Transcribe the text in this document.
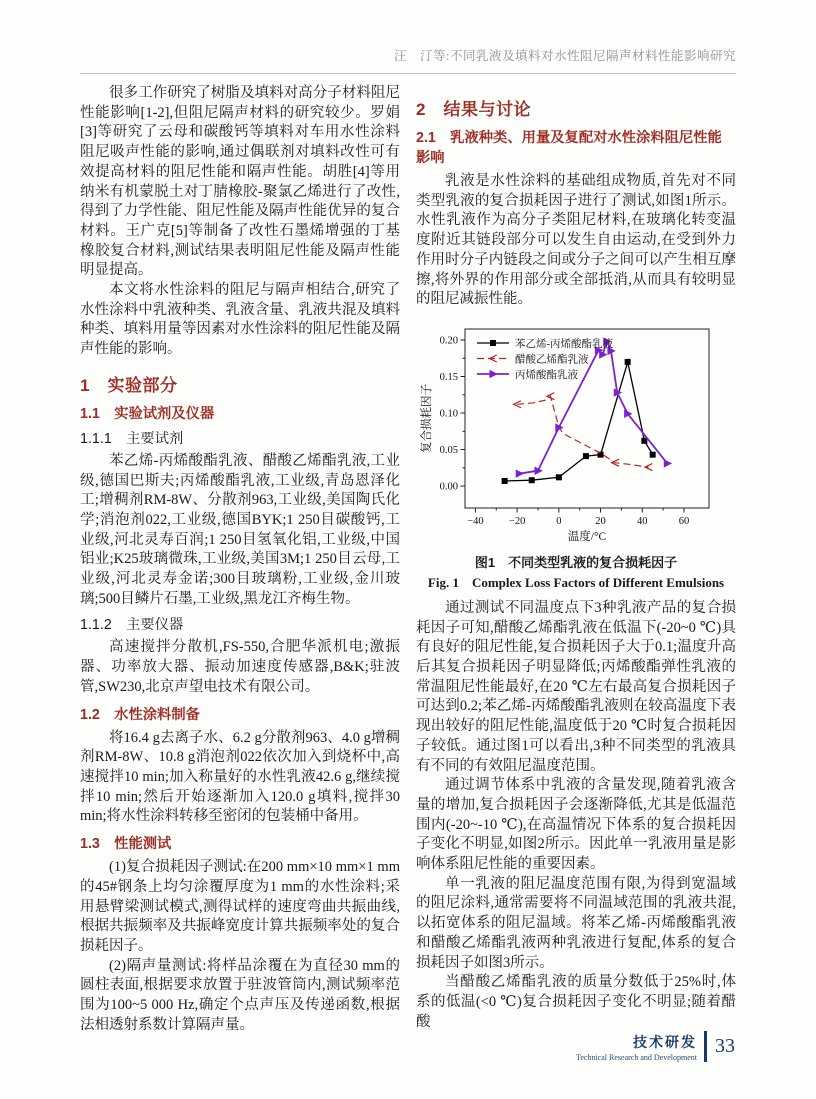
汪　汀等:不同乳液及填料对水性阻尼隔声材料性能影响研究

很多工作研究了树脂及填料对高分子材料阻尼性能影响[1-2],但阻尼隔声材料的研究较少。罗娟[3]等研究了云母和碳酸钙等填料对车用水性涂料阻尼吸声性能的影响,通过偶联剂对填料改性可有效提高材料的阻尼性能和隔声性能。胡胜[4]等用纳米有机蒙脱土对丁腈橡胶-聚氯乙烯进行了改性,得到了力学性能、阻尼性能及隔声性能优异的复合材料。王广克[5]等制备了改性石墨烯增强的丁基橡胶复合材料,测试结果表明阻尼性能及隔声性能明显提高。

本文将水性涂料的阻尼与隔声相结合,研究了水性涂料中乳液种类、乳液含量、乳液共混及填料种类、填料用量等因素对水性涂料的阻尼性能及隔声性能的影响。

1　实验部分
1.1　实验试剂及仪器
1.1.1　主要试剂

苯乙烯-丙烯酸酯乳液、醋酸乙烯酯乳液,工业级,德国巴斯夫;丙烯酸酯乳液,工业级,青岛恩泽化工;增稠剂RM-8W、分散剂963,工业级,美国陶氏化学;消泡剂022,工业级,德国BYK;1 250目碳酸钙,工业级,河北灵寿百润;1 250目氢氧化铝,工业级,中国铝业;K25玻璃微珠,工业级,美国3M;1 250目云母,工业级,河北灵寿金诺;300目玻璃粉,工业级,金川玻璃;500目鳞片石墨,工业级,黑龙江齐梅生物。

1.1.2　主要仪器

高速搅拌分散机,FS-550,合肥华派机电;激振器、功率放大器、振动加速度传感器,B&K;驻波管,SW230,北京声望电技术有限公司。

1.2　水性涂料制备

将16.4 g去离子水、6.2 g分散剂963、4.0 g增稠剂RM-8W、10.8 g消泡剂022依次加入到烧杯中,高速搅拌10 min;加入称量好的水性乳液42.6 g,继续搅拌10 min;然后开始逐渐加入120.0 g填料,搅拌30 min;将水性涂料转移至密闭的包装桶中备用。

1.3　性能测试

(1)复合损耗因子测试:在200 mm×10 mm×1 mm的45#钢条上均匀涂覆厚度为1 mm的水性涂料;采用悬臂梁测试模式,测得试样的速度弯曲共振曲线,根据共振频率及共振峰宽度计算共振频率处的复合损耗因子。

(2)隔声量测试:将样品涂覆在为直径30 mm的圆柱表面,根据要求放置于驻波管筒内,测试频率范围为100~5 000 Hz,确定个点声压及传递函数,根据法相透射系数计算隔声量。

2　结果与讨论
2.1　乳液种类、用量及复配对水性涂料阻尼性能影响

乳液是水性涂料的基础组成物质,首先对不同类型乳液的复合损耗因子进行了测试,如图1所示。水性乳液作为高分子类阻尼材料,在玻璃化转变温度附近其链段部分可以发生自由运动,在受到外力作用时分子内链段之间或分子之间可以产生相互摩擦,将外界的作用部分或全部抵消,从而具有较明显的阻尼减振性能。

−40 −20	0	20	40	60
0.00
0.05
0.10
0.15
0.20
温度/°C
复合损耗因子
苯乙烯-丙烯酸酯乳液
醋酸乙烯酯乳液
丙烯酸酯乳液
图1　不同类型乳液的复合损耗因子
Fig. 1　Complex Loss Factors of Different Emulsions

通过测试不同温度点下3种乳液产品的复合损耗因子可知,醋酸乙烯酯乳液在低温下(-20~0 ℃)具有良好的阻尼性能,复合损耗因子大于0.1;温度升高后其复合损耗因子明显降低;丙烯酸酯弹性乳液的常温阻尼性能最好,在20 ℃左右最高复合损耗因子可达到0.2;苯乙烯-丙烯酸酯乳液则在较高温度下表现出较好的阻尼性能,温度低于20 ℃时复合损耗因子较低。通过图1可以看出,3种不同类型的乳液具有不同的有效阻尼温度范围。

通过调节体系中乳液的含量发现,随着乳液含量的增加,复合损耗因子会逐渐降低,尤其是低温范围内(-20~-10 ℃),在高温情况下体系的复合损耗因子变化不明显,如图2所示。因此单一乳液用量是影响体系阻尼性能的重要因素。

单一乳液的阻尼温度范围有限,为得到宽温域的阻尼涂料,通常需要将不同温域范围的乳液共混,以拓宽体系的阻尼温域。将苯乙烯-丙烯酸酯乳液和醋酸乙烯酯乳液两种乳液进行复配,体系的复合损耗因子如图3所示。

当醋酸乙烯酯乳液的质量分数低于25%时,体系的低温(<0 ℃)复合损耗因子变化不明显;随着醋酸

技术研发
Technical Research and Development 33
